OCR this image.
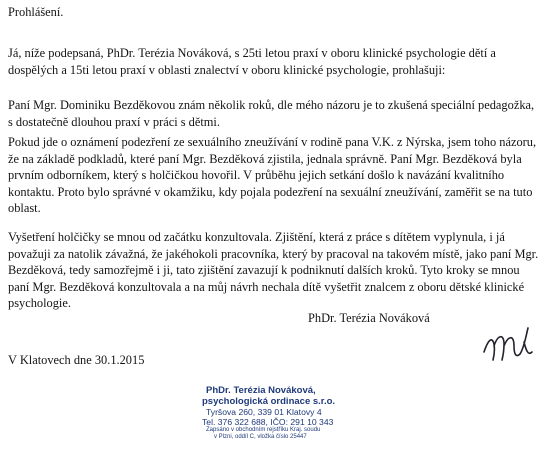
Prohlášení.

Já, níže podepsaná, PhDr. Terézia Nováková, s 25ti letou praxí v oboru klinické psychologie dětí a dospělých a 15ti letou praxí v oblasti znalectví v oboru klinické psychologie, prohlašuji:

Paní Mgr. Dominiku Bezděkovou znám několik roků, dle mého názoru je to zkušená speciální pedagožka, s dostatečně dlouhou praxí v práci s dětmi.

Pokud jde o oznámení podezření ze sexuálního zneužívání v rodině pana V.K. z Nýrska, jsem toho názoru, že na základě podkladů, které paní Mgr. Bezděková zjistila, jednala správně. Paní Mgr. Bezděková byla prvním odborníkem, který s holčičkou hovořil. V průběhu jejich setkání došlo k navázání kvalitního kontaktu. Proto bylo správné v okamžiku, kdy pojala podezření na sexuální zneužívání, zaměřit se na tuto oblast.

Vyšetření holčičky se mnou od začátku konzultovala. Zjištění, která z práce s dítětem vyplynula, i já považuji za natolik závažná, že jakéhokoli pracovníka, který by pracoval na takovém místě, jako paní Mgr. Bezděková, tedy samozřejmě i ji, tato zjištění zavazují k podniknutí dalších kroků. Tyto kroky se mnou paní Mgr. Bezděková konzultovala a na můj návrh nechala dítě vyšetřit znalcem z oboru dětské klinické psychologie.

PhDr. Terézia Nováková
V Klatovech dne 30.1.2015
PhDr. Terézia Nováková,
psychologická ordinace s.r.o.
Tyršova 260, 339 01 Klatovy 4
Tel. 376 322 688, IČO: 291 10 343
Zapsáno v obchodním rejstříku Kraj. soudu
v Plzni, oddíl C, vložka číslo 25447
